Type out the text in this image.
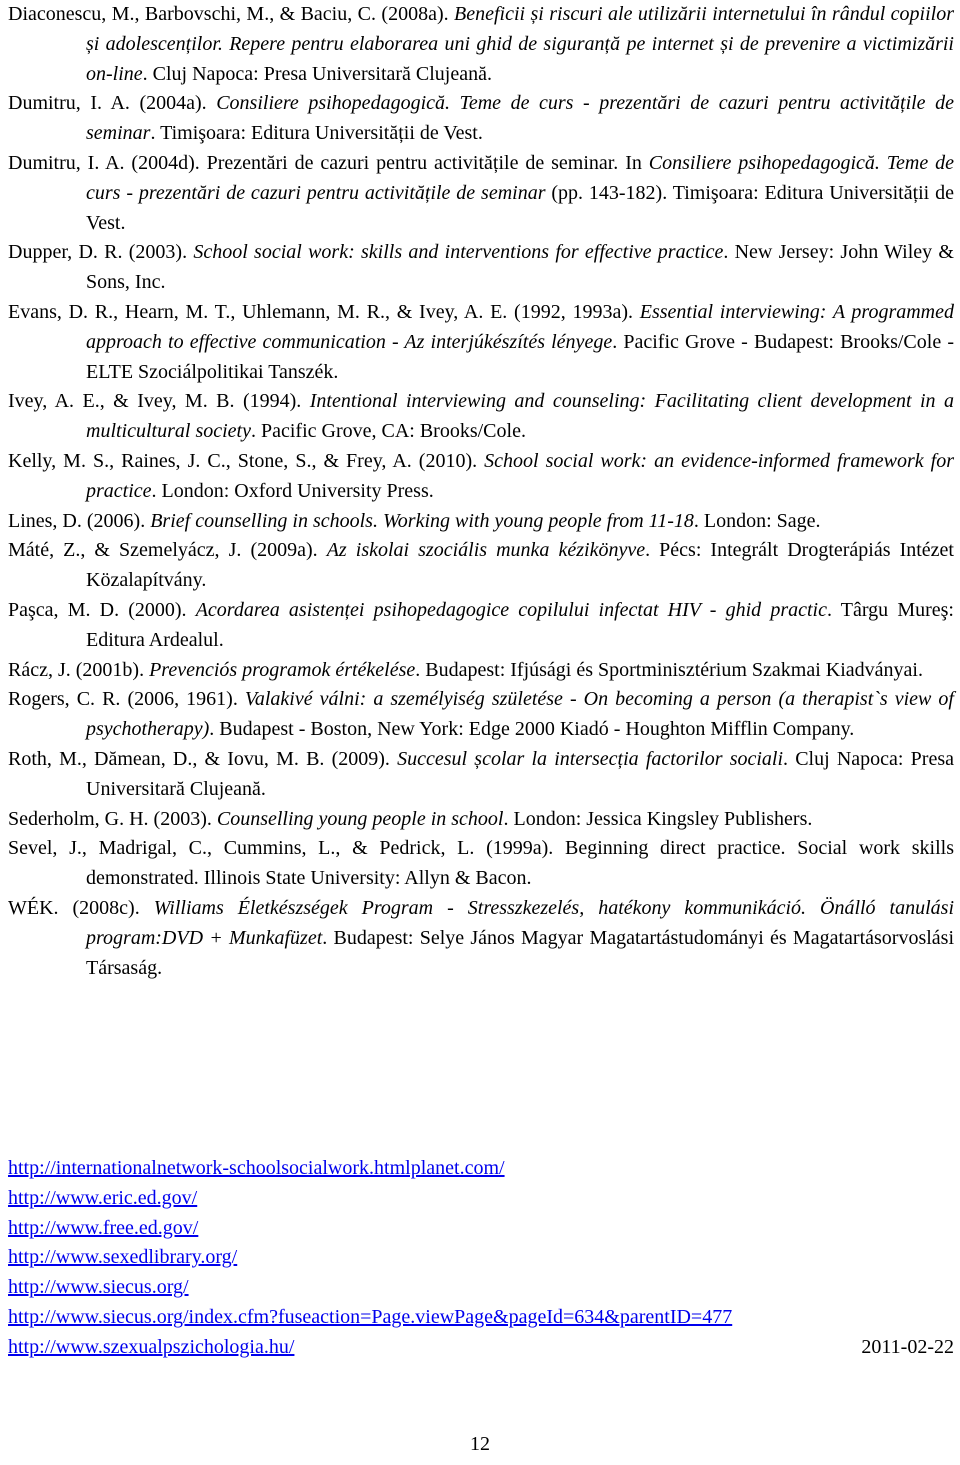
Diaconescu, M., Barbovschi, M., & Baciu, C. (2008a). Beneficii și riscuri ale utilizării internetului în rândul copiilor și adolescenților. Repere pentru elaborarea uni ghid de siguranță pe internet și de prevenire a victimizării on-line. Cluj Napoca: Presa Universitară Clujeană.

Dumitru, I. A. (2004a). Consiliere psihopedagogică. Teme de curs - prezentări de cazuri pentru activitățile de seminar. Timişoara: Editura Universității de Vest.

Dumitru, I. A. (2004d). Prezentări de cazuri pentru activitățile de seminar. In Consiliere psihopedagogică. Teme de curs - prezentări de cazuri pentru activitățile de seminar (pp. 143-182). Timişoara: Editura Universității de Vest.

Dupper, D. R. (2003). School social work: skills and interventions for effective practice. New Jersey: John Wiley & Sons, Inc.

Evans, D. R., Hearn, M. T., Uhlemann, M. R., & Ivey, A. E. (1992, 1993a). Essential interviewing: A programmed approach to effective communication - Az interjúkészítés lényege. Pacific Grove - Budapest: Brooks/Cole - ELTE Szociálpolitikai Tanszék.

Ivey, A. E., & Ivey, M. B. (1994). Intentional interviewing and counseling: Facilitating client development in a multicultural society. Pacific Grove, CA: Brooks/Cole.

Kelly, M. S., Raines, J. C., Stone, S., & Frey, A. (2010). School social work: an evidence-informed framework for practice. London: Oxford University Press.

Lines, D. (2006). Brief counselling in schools. Working with young people from 11-18. London: Sage.

Máté, Z., & Szemelyácz, J. (2009a). Az iskolai szociális munka kézikönyve. Pécs: Integrált Drogterápiás Intézet Közalapítvány.

Paşca, M. D. (2000). Acordarea asistenței psihopedagogice copilului infectat HIV - ghid practic. Târgu Mureş: Editura Ardealul.

Rácz, J. (2001b). Prevenciós programok értékelése. Budapest: Ifjúsági és Sportminisztérium Szakmai Kiadványai.

Rogers, C. R. (2006, 1961). Valakivé válni: a személyiség születése - On becoming a person (a therapist`s view of psychotherapy). Budapest - Boston, New York: Edge 2000 Kiadó - Houghton Mifflin Company.

Roth, M., Dămean, D., & Iovu, M. B. (2009). Succesul școlar la intersecția factorilor sociali. Cluj Napoca: Presa Universitară Clujeană.

Sederholm, G. H. (2003). Counselling young people in school. London: Jessica Kingsley Publishers.

Sevel, J., Madrigal, C., Cummins, L., & Pedrick, L. (1999a). Beginning direct practice. Social work skills demonstrated. Illinois State University: Allyn & Bacon.

WÉK. (2008c). Williams Életkészségek Program - Stresszkezelés, hatékony kommunikáció. Önálló tanulási program:DVD + Munkafüzet. Budapest: Selye János Magyar Magatartástudományi és Magatartásorvoslási Társaság.

http://internationalnetwork-schoolsocialwork.htmlplanet.com/
http://www.eric.ed.gov/
http://www.free.ed.gov/
http://www.sexedlibrary.org/
http://www.siecus.org/
http://www.siecus.org/index.cfm?fuseaction=Page.viewPage&pageId=634&parentID=477
http://www.szexualpszichologia.hu/	2011-02-22
12
